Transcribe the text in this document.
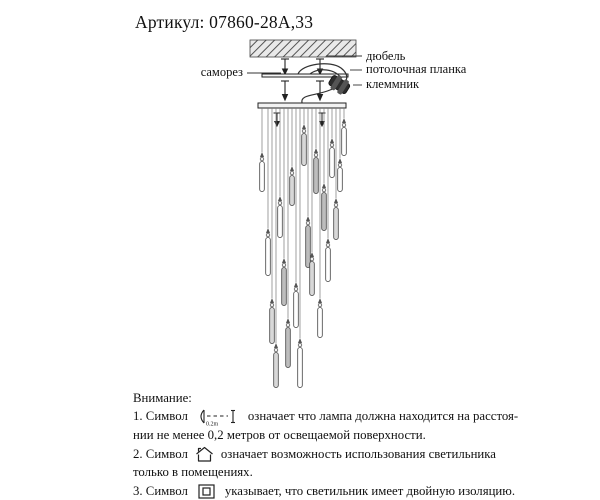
Артикул: 07860-28А,33
саморез
дюбель
потолочная планка
клеммник
Внимание:
1. Символ
0.2m
означает что лампа должна находится на расстоя-
нии не менее 0,2 метров от освещаемой поверхности.
2. Символ	означает возможность использования светильника
только в помещениях.
3. Символ	указывает, что светильник имеет двойную изоляцию.
